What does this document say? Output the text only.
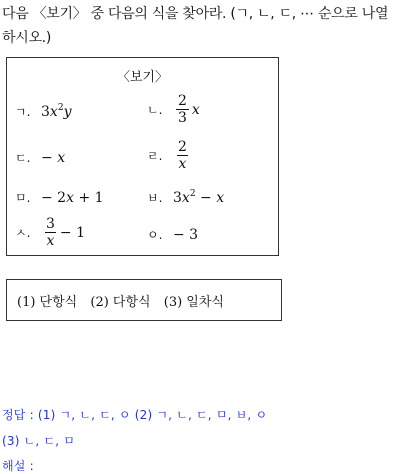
다음 〈보기〉 중 다음의 식을 찾아라. (ㄱ, ㄴ, ㄷ, ⋯ 순으로 나열하시오.)
〈보기〉
ㄱ. $3x^2y$	ㄴ. $\frac{2}{3}$ x
ㄷ. − x	ㄹ. $\frac{2}{x}$
ㅁ. − 2x + 1	ㅂ. $3x^2 - x$
ㅅ. $\frac{3}{x} - 1$	ㅇ. − 3
(1) 단항식 (2) 다항식 (3) 일차식
정답 : (1) ㄱ, ㄴ, ㄷ, ㅇ (2) ㄱ, ㄴ, ㄷ, ㅁ, ㅂ, ㅇ
(3) ㄴ, ㄷ, ㅁ
해설 :
